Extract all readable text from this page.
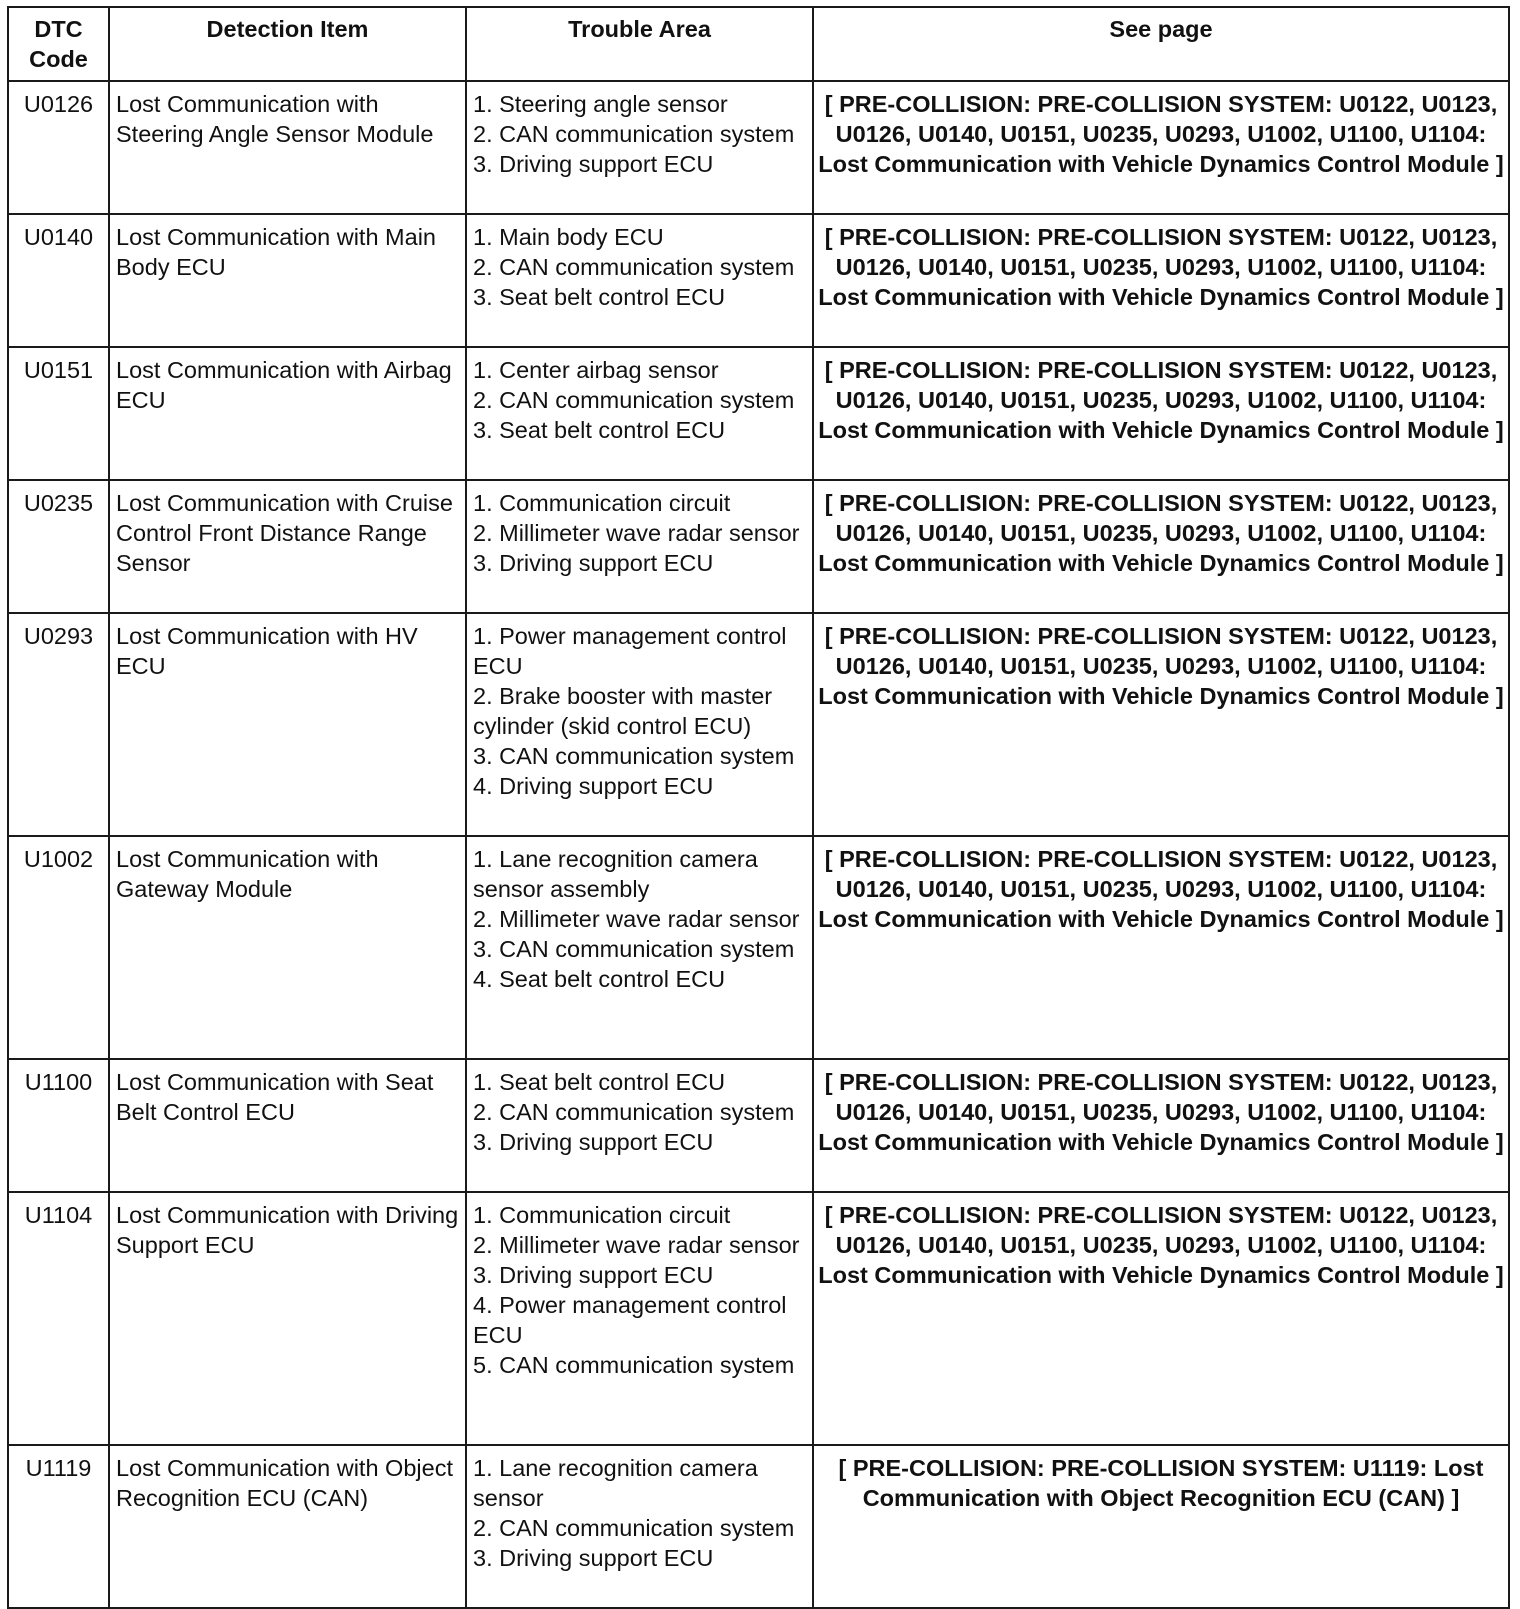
DTC
Code	Detection Item	Trouble Area	See page
U0126	Lost Communication with Steering Angle Sensor Module	1. Steering angle sensor
2. CAN communication system
3. Driving support ECU	[ PRE-COLLISION: PRE-COLLISION SYSTEM: U0122, U0123, U0126, U0140, U0151, U0235, U0293, U1002, U1100, U1104: Lost Communication with Vehicle Dynamics Control Module ]
U0140	Lost Communication with Main Body ECU	1. Main body ECU
2. CAN communication system
3. Seat belt control ECU	[ PRE-COLLISION: PRE-COLLISION SYSTEM: U0122, U0123, U0126, U0140, U0151, U0235, U0293, U1002, U1100, U1104: Lost Communication with Vehicle Dynamics Control Module ]
U0151	Lost Communication with Airbag ECU	1. Center airbag sensor
2. CAN communication system
3. Seat belt control ECU	[ PRE-COLLISION: PRE-COLLISION SYSTEM: U0122, U0123, U0126, U0140, U0151, U0235, U0293, U1002, U1100, U1104: Lost Communication with Vehicle Dynamics Control Module ]
U0235	Lost Communication with Cruise Control Front Distance Range Sensor	1. Communication circuit
2. Millimeter wave radar sensor
3. Driving support ECU	[ PRE-COLLISION: PRE-COLLISION SYSTEM: U0122, U0123, U0126, U0140, U0151, U0235, U0293, U1002, U1100, U1104: Lost Communication with Vehicle Dynamics Control Module ]
U0293	Lost Communication with HV ECU	1. Power management control ECU
2. Brake booster with master cylinder (skid control ECU)
3. CAN communication system
4. Driving support ECU	[ PRE-COLLISION: PRE-COLLISION SYSTEM: U0122, U0123, U0126, U0140, U0151, U0235, U0293, U1002, U1100, U1104: Lost Communication with Vehicle Dynamics Control Module ]
U1002	Lost Communication with Gateway Module	1. Lane recognition camera sensor assembly
2. Millimeter wave radar sensor
3. CAN communication system
4. Seat belt control ECU	[ PRE-COLLISION: PRE-COLLISION SYSTEM: U0122, U0123, U0126, U0140, U0151, U0235, U0293, U1002, U1100, U1104: Lost Communication with Vehicle Dynamics Control Module ]
U1100	Lost Communication with Seat Belt Control ECU	1. Seat belt control ECU
2. CAN communication system
3. Driving support ECU	[ PRE-COLLISION: PRE-COLLISION SYSTEM: U0122, U0123, U0126, U0140, U0151, U0235, U0293, U1002, U1100, U1104: Lost Communication with Vehicle Dynamics Control Module ]
U1104	Lost Communication with Driving Support ECU	1. Communication circuit
2. Millimeter wave radar sensor
3. Driving support ECU
4. Power management control ECU
5. CAN communication system	[ PRE-COLLISION: PRE-COLLISION SYSTEM: U0122, U0123, U0126, U0140, U0151, U0235, U0293, U1002, U1100, U1104: Lost Communication with Vehicle Dynamics Control Module ]
U1119	Lost Communication with Object Recognition ECU (CAN)	1. Lane recognition camera sensor
2. CAN communication system
3. Driving support ECU	[ PRE-COLLISION: PRE-COLLISION SYSTEM: U1119: Lost Communication with Object Recognition ECU (CAN) ]
